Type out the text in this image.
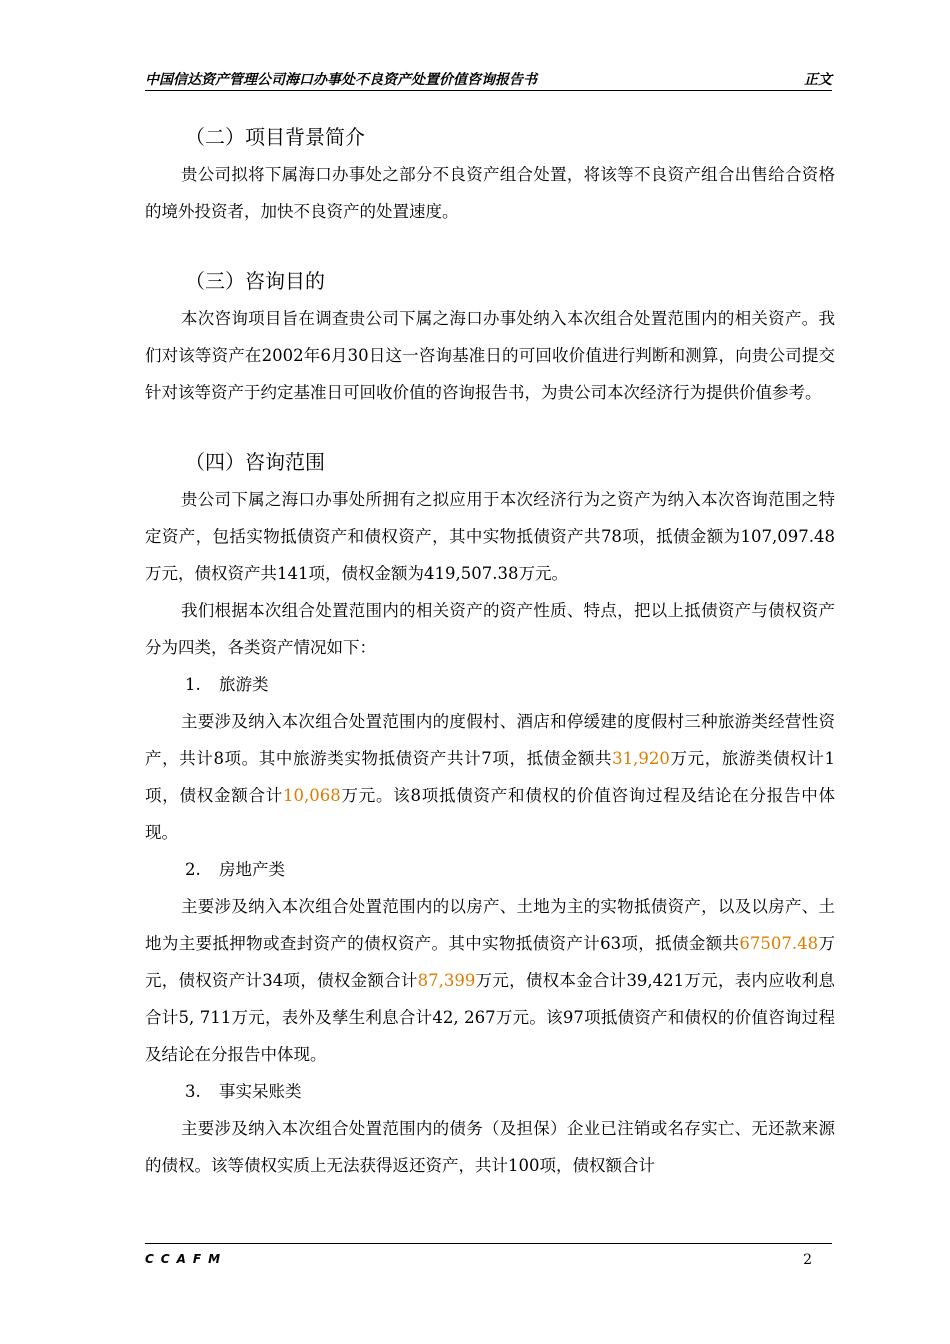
中国信达资产管理公司海口办事处不良资产处置价值咨询报告书	正文
（二）项目背景简介

贵公司拟将下属海口办事处之部分不良资产组合处置，将该等不良资产组合出售给合资格的境外投资者，加快不良资产的处置速度。

（三）咨询目的

本次咨询项目旨在调查贵公司下属之海口办事处纳入本次组合处置范围内的相关资产。我们对该等资产在2002年6月30日这一咨询基准日的可回收价值进行判断和测算，向贵公司提交针对该等资产于约定基准日可回收价值的咨询报告书，为贵公司本次经济行为提供价值参考。

（四）咨询范围

贵公司下属之海口办事处所拥有之拟应用于本次经济行为之资产为纳入本次咨询范围之特定资产，包括实物抵债资产和债权资产，其中实物抵债资产共78项，抵债金额为107,097.48万元，债权资产共141项，债权金额为419,507.38万元。

我们根据本次组合处置范围内的相关资产的资产性质、特点，把以上抵债资产与债权资产分为四类，各类资产情况如下：

1. 旅游类

主要涉及纳入本次组合处置范围内的度假村、酒店和停缓建的度假村三种旅游类经营性资产，共计8项。其中旅游类实物抵债资产共计7项，抵债金额共31,920万元，旅游类债权计1项，债权金额合计10,068万元。该8项抵债资产和债权的价值咨询过程及结论在分报告中体现。

2. 房地产类

主要涉及纳入本次组合处置范围内的以房产、土地为主的实物抵债资产，以及以房产、土地为主要抵押物或查封资产的债权资产。其中实物抵债资产计63项，抵债金额共67507.48万元，债权资产计34项，债权金额合计87,399万元，债权本金合计39,421万元，表内应收利息合计5, 711万元，表外及孳生利息合计42, 267万元。该97项抵债资产和债权的价值咨询过程及结论在分报告中体现。

3. 事实呆账类

主要涉及纳入本次组合处置范围内的债务（及担保）企业已注销或名存实亡、无还款来源的债权。该等债权实质上无法获得返还资产，共计100项，债权额合计

CCAFM	2
